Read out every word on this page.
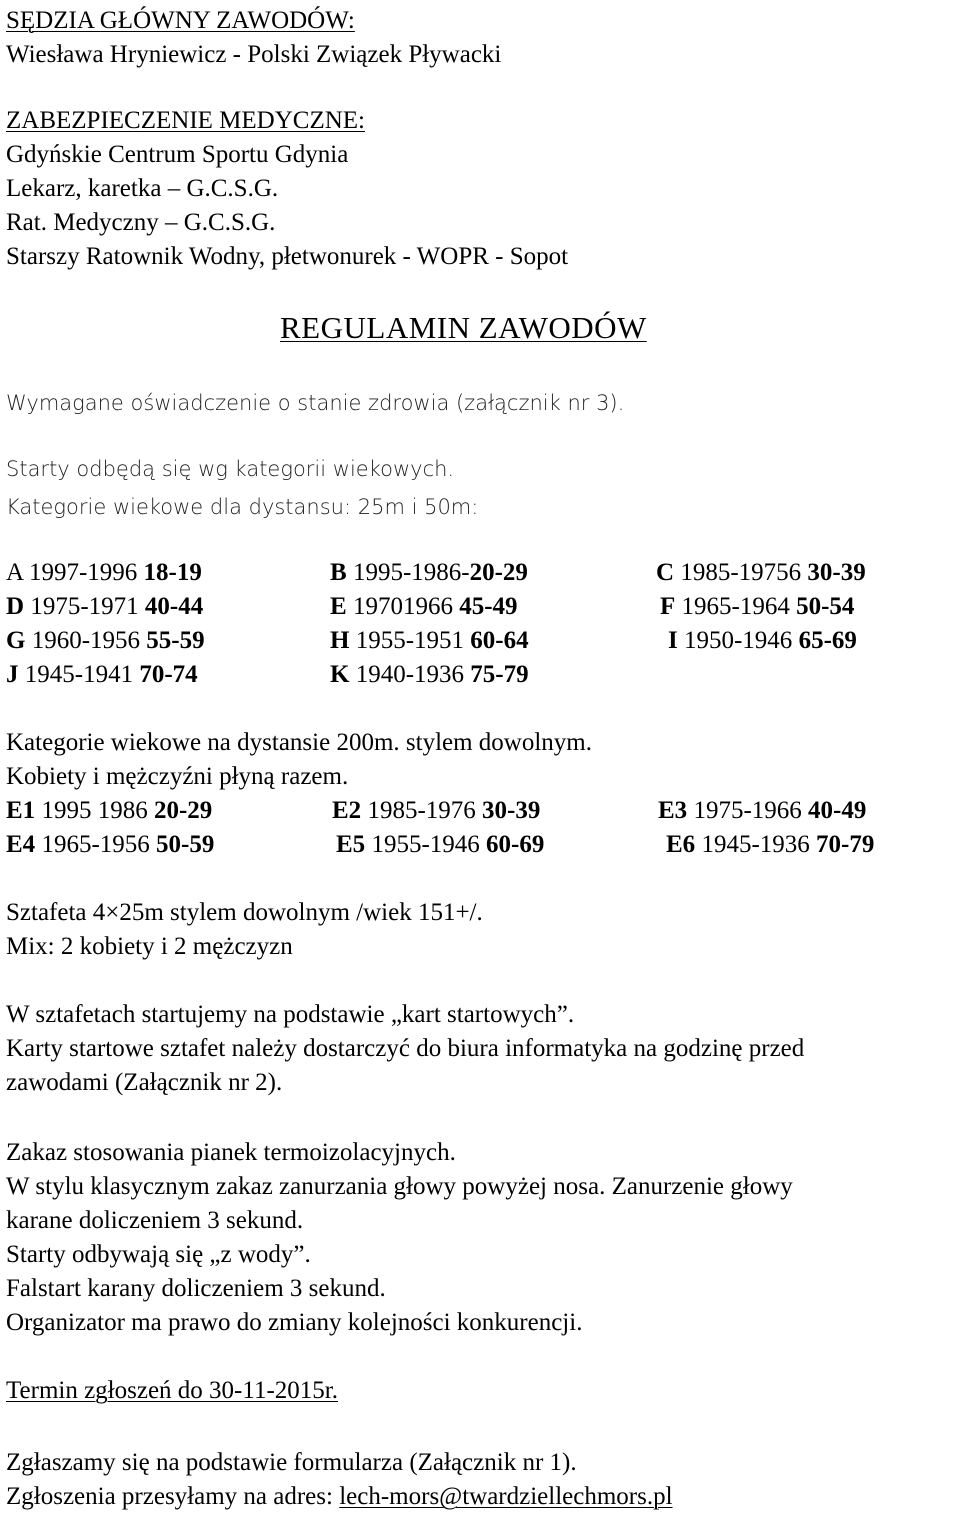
SĘDZIA GŁÓWNY ZAWODÓW:

Wiesława Hryniewicz - Polski Związek Pływacki

ZABEZPIECZENIE MEDYCZNE:

Gdyńskie Centrum Sportu Gdynia

Lekarz, karetka – G.C.S.G.

Rat. Medyczny – G.C.S.G.

Starszy Ratownik Wodny, płetwonurek - WOPR - Sopot

REGULAMIN ZAWODÓW

Wymagane oświadczenie o stanie zdrowia (załącznik nr 3).

Starty odbędą się wg kategorii wiekowych.

Kategorie wiekowe dla dystansu: 25m i 50m:

A 1997-1996 18-19	B 1995-1986-20-29	C 1985-19756 30-39
D 1975-1971 40-44	E 19701966 45-49	F 1965-1964 50-54
G 1960-1956 55-59	H 1955-1951 60-64	I 1950-1946 65-69
J 1945-1941 70-74	K 1940-1936 75-79

Kategorie wiekowe na dystansie 200m. stylem dowolnym.

Kobiety i mężczyźni płyną razem.

E1 1995 1986 20-29	E2 1985-1976 30-39	E3 1975-1966 40-49
E4 1965-1956 50-59	E5 1955-1946 60-69	E6 1945-1936 70-79

Sztafeta 4×25m stylem dowolnym /wiek 151+/.

Mix: 2 kobiety i 2 mężczyzn

W sztafetach startujemy na podstawie „kart startowych”.

Karty startowe sztafet należy dostarczyć do biura informatyka na godzinę przed

zawodami (Załącznik nr 2).

Zakaz stosowania pianek termoizolacyjnych.

W stylu klasycznym zakaz zanurzania głowy powyżej nosa. Zanurzenie głowy

karane doliczeniem 3 sekund.

Starty odbywają się „z wody”.

Falstart karany doliczeniem 3 sekund.

Organizator ma prawo do zmiany kolejności konkurencji.

Termin zgłoszeń do 30-11-2015r.

Zgłaszamy się na podstawie formularza (Załącznik nr 1).

Zgłoszenia przesyłamy na adres: lech-mors@twardziellechmors.pl
